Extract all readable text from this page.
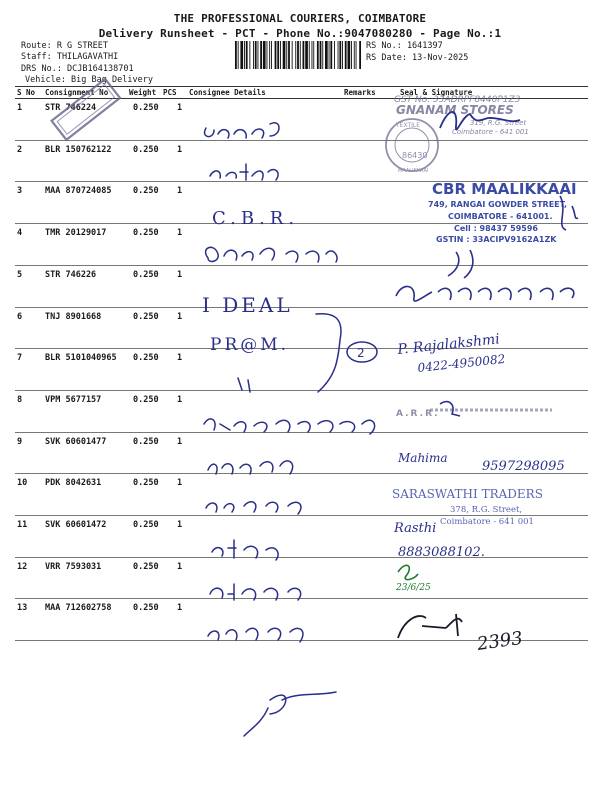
THE PROFESSIONAL COURIERS, COIMBATORE
Delivery Runsheet - PCT - Phone No.:9047080280 - Page No.:1
Route: R G STREET
Staff: THILAGAVATHI
DRS No.: DCJB164138701
Vehicle: Big Bag Delivery
RS No.: 1641397
RS Date: 13-Nov-2025
S No Consignment No	Weight PCS Consignee Details	Remarks	Seal & Signature
1	STR 746224	0.250 1
2	BLR 150762122	0.250 1
3	MAA 870724085	0.250 1
4	TMR 20129017	0.250 1
5	STR 746226	0.250 1
6	TNJ 8901668	0.250 1
7	BLR 5101040965 0.250 1
8	VPM 5677157	0.250 1
9	SVK 60601477	0.250 1
10 PDK 8042631	0.250 1
11 SVK 60601472	0.250 1
12 VRR 7593031	0.250 1
13 MAA 712602758	0.250 1
GST No. 33ADRPF8440P1Z3
GNANAM STORES
319, R.G. Street
Coimbatore - 641 001
TEXTILE
86430
MAALIKKAAI
CBR MAALIKKAAI
749, RANGAI GOWDER STREET,
COIMBATORE - 641001.
Cell : 98437 59596
GSTIN : 33ACIPV9162A1ZK
C.B.R.
I DEAL
PR@M.	2 P. Rajalakshmi
0422-4950082
A.R.R.
Mahima
9597298095
SARASWATHI TRADERS
378, R.G. Street,
Coimbatore - 641 001
Rasthi
8883088102.
23/6/25
2393
